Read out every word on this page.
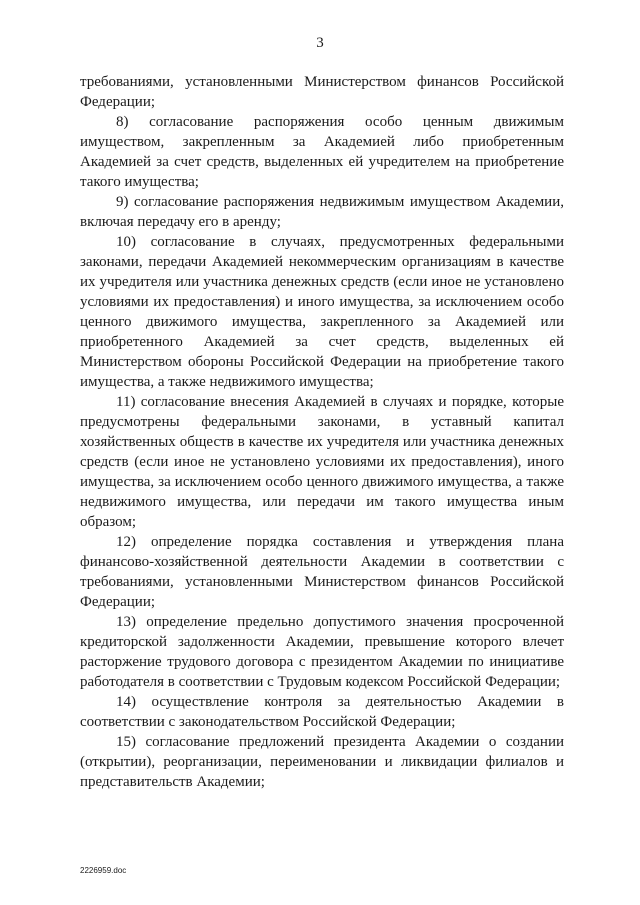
3

требованиями, установленными Министерством финансов Российской Федерации;

8) согласование распоряжения особо ценным движимым имуществом, закрепленным за Академией либо приобретенным Академией за счет средств, выделенных ей учредителем на приобретение такого имущества;

9) согласование распоряжения недвижимым имуществом Академии, включая передачу его в аренду;

10) согласование в случаях, предусмотренных федеральными законами, передачи Академией некоммерческим организациям в качестве их учредителя или участника денежных средств (если иное не установлено условиями их предоставления) и иного имущества, за исключением особо ценного движимого имущества, закрепленного за Академией или приобретенного Академией за счет средств, выделенных ей Министерством обороны Российской Федерации на приобретение такого имущества, а также недвижимого имущества;

11) согласование внесения Академией в случаях и порядке, которые предусмотрены федеральными законами, в уставный капитал хозяйственных обществ в качестве их учредителя или участника денежных средств (если иное не установлено условиями их предоставления), иного имущества, за исключением особо ценного движимого имущества, а также недвижимого имущества, или передачи им такого имущества иным образом;

12) определение порядка составления и утверждения плана финансово-хозяйственной деятельности Академии в соответствии с требованиями, установленными Министерством финансов Российской Федерации;

13) определение предельно допустимого значения просроченной кредиторской задолженности Академии, превышение которого влечет расторжение трудового договора с президентом Академии по инициативе работодателя в соответствии с Трудовым кодексом Российской Федерации;

14) осуществление контроля за деятельностью Академии в соответствии с законодательством Российской Федерации;

15) согласование предложений президента Академии о создании (открытии), реорганизации, переименовании и ликвидации филиалов и представительств Академии;

2226959.doc
